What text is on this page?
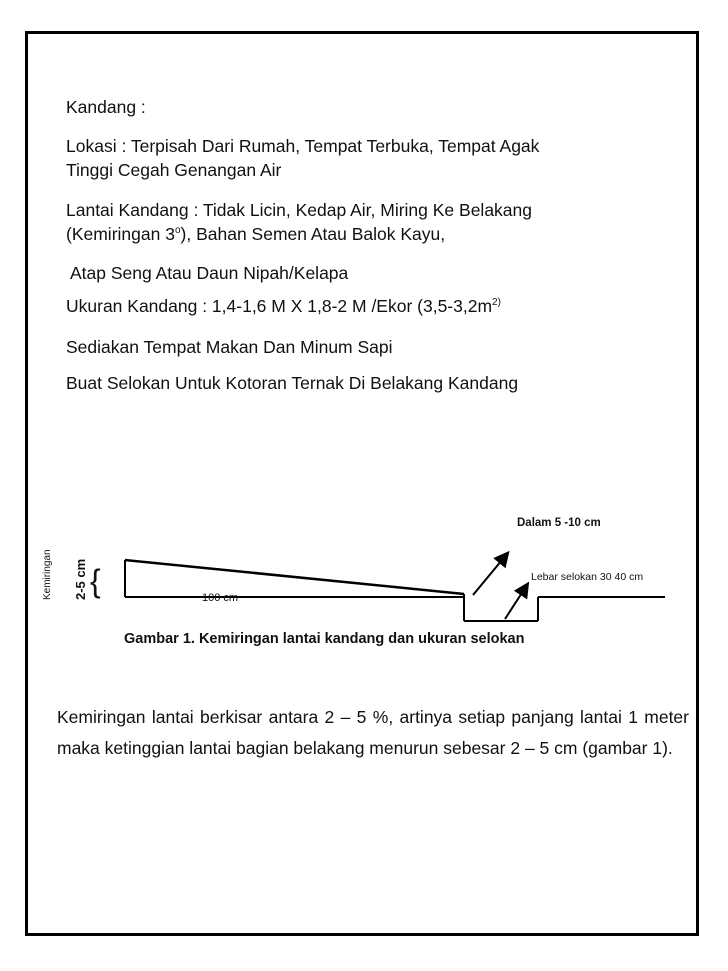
Kandang :
Lokasi : Terpisah Dari Rumah, Tempat Terbuka, Tempat Agak
Tinggi Cegah Genangan Air
Lantai Kandang : Tidak Licin, Kedap Air, Miring Ke Belakang
(Kemiringan 3$^o$), Bahan Semen Atau Balok Kayu,
Atap Seng Atau Daun Nipah/Kelapa
Ukuran Kandang : 1,4-1,6 M X 1,8-2 M /Ekor ($3,5-3,2m^{2)}$
Sediakan Tempat Makan Dan Minum Sapi
Buat Selokan Untuk Kotoran Ternak Di Belakang Kandang
Kemiringan 2-5 cm {	100 cm
Dalam 5 -10 cm
Lebar selokan 30 40 cm
Gambar 1. Kemiringan lantai kandang dan ukuran selokan
Kemiringan lantai berkisar antara 2 – 5 %, artinya setiap panjang lantai 1 meter maka ketinggian lantai bagian belakang menurun sebesar 2 – 5 cm (gambar 1).
